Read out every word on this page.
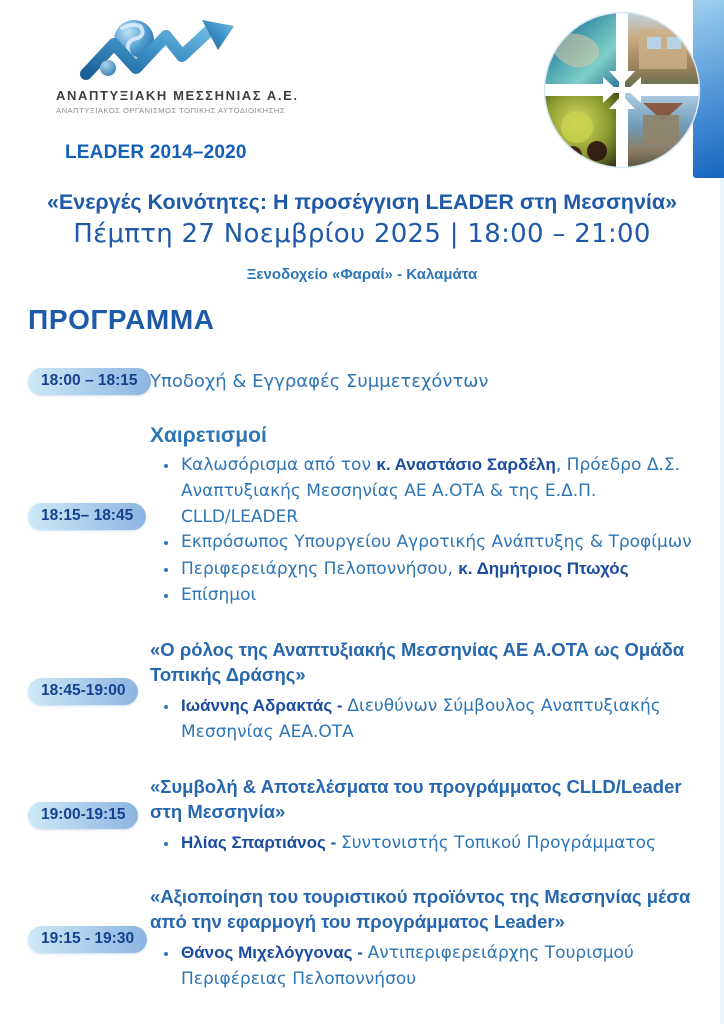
ΑΝΑΠΤΥΞΙΑΚΗ ΜΕΣΣΗΝΙΑΣ Α.Ε.
ΑΝΑΠΤΥΞΙΑΚΟΣ ΟΡΓΑΝΙΣΜΟΣ ΤΟΠΙΚΗΣ ΑΥΤΟΔΙΟΙΚΗΣΗΣ
LEADER 2014–2020
«Ενεργές Κοινότητες: Η προσέγγιση LEADER στη Μεσσηνία»
Πέμπτη 27 Νοεμβρίου 2025 | 18:00 – 21:00
Ξενοδοχείο «Φαραί» - Καλαμάτα
ΠΡΟΓΡΑΜΜΑ
18:00 – 18:15 Υποδοχή & Εγγραφές Συμμετεχόντων
18:15– 18:45
Χαιρετισμοί
• Καλωσόρισμα από τον κ. Αναστάσιο Σαρδέλη, Πρόεδρο Δ.Σ. Αναπτυξιακής Μεσσηνίας ΑΕ Α.ΟΤΑ & της Ε.Δ.Π. CLLD/LEADER
• Εκπρόσωπος Υπουργείου Αγροτικής Ανάπτυξης & Τροφίμων
• Περιφερειάρχης Πελοποννήσου, κ. Δημήτριος Πτωχός
• Επίσημοι
18:45-19:00
«Ο ρόλος της Αναπτυξιακής Μεσσηνίας ΑΕ Α.ΟΤΑ ως Ομάδα Τοπικής Δράσης»
• Ιωάννης Αδρακτάς - Διευθύνων Σύμβουλος Αναπτυξιακής Μεσσηνίας ΑΕΑ.ΟΤΑ
19:00-19:15
«Συμβολή & Αποτελέσματα του προγράμματος CLLD/Leader στη Μεσσηνία»
• Ηλίας Σπαρτιάνος - Συντονιστής Τοπικού Προγράμματος
19:15 - 19:30
«Αξιοποίηση του τουριστικού προϊόντος της Μεσσηνίας μέσα από την εφαρμογή του προγράμματος Leader»
• Θάνος Μιχελόγγονας - Αντιπεριφερειάρχης Τουρισμού Περιφέρειας Πελοποννήσου
